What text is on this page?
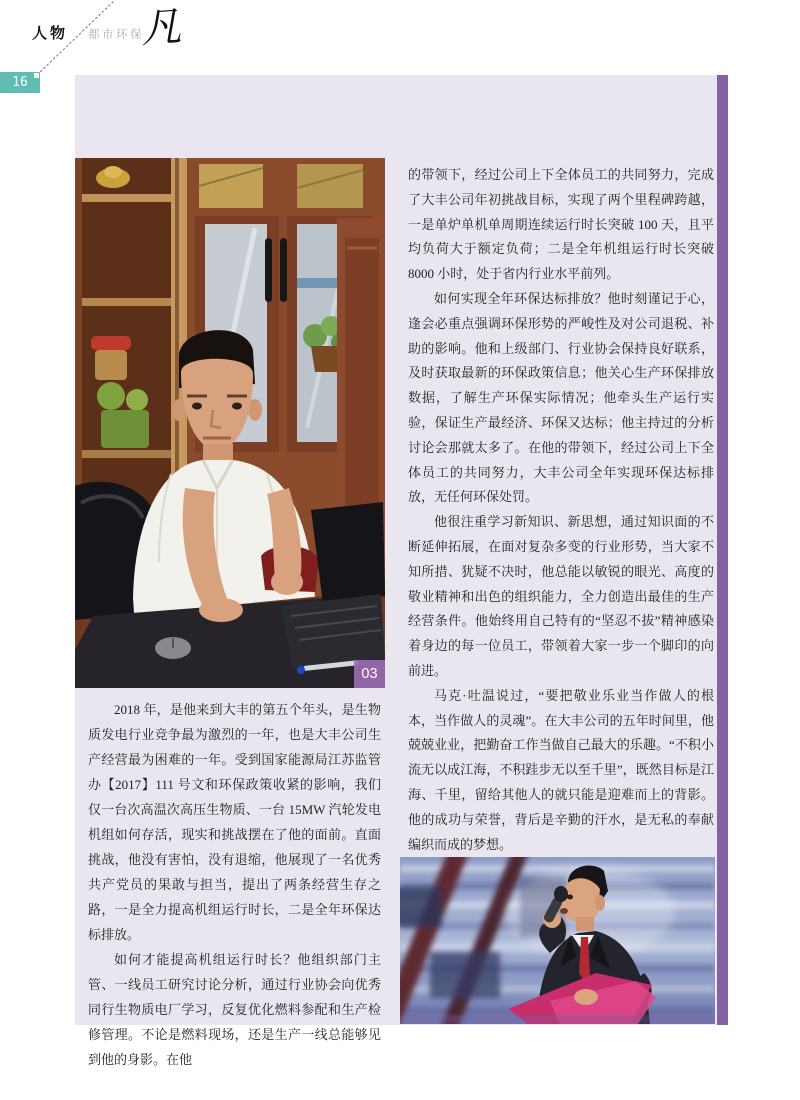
人物 都市环保
凡
16
03

2018 年，是他来到大丰的第五个年头，是生物质发电行业竞争最为激烈的一年，也是大丰公司生产经营最为困难的一年。受到国家能源局江苏监管办【2017】111 号文和环保政策收紧的影响，我们仅一台次高温次高压生物质、一台 15MW 汽轮发电机组如何存活，现实和挑战摆在了他的面前。直面挑战，他没有害怕，没有退缩，他展现了一名优秀共产党员的果敢与担当，提出了两条经营生存之路，一是全力提高机组运行时长，二是全年环保达标排放。

如何才能提高机组运行时长？他组织部门主管、一线员工研究讨论分析，通过行业协会向优秀同行生物质电厂学习，反复优化燃料参配和生产检修管理。不论是燃料现场，还是生产一线总能够见到他的身影。在他

的带领下，经过公司上下全体员工的共同努力，完成了大丰公司年初挑战目标，实现了两个里程碑跨越，一是单炉单机单周期连续运行时长突破 100 天，且平均负荷大于额定负荷；二是全年机组运行时长突破 8000 小时，处于省内行业水平前列。

如何实现全年环保达标排放？他时刻谨记于心，逢会必重点强调环保形势的严峻性及对公司退税、补助的影响。他和上级部门、行业协会保持良好联系，及时获取最新的环保政策信息；他关心生产环保排放数据，了解生产环保实际情况；他牵头生产运行实验，保证生产最经济、环保又达标；他主持过的分析讨论会那就太多了。在他的带领下，经过公司上下全体员工的共同努力，大丰公司全年实现环保达标排放，无任何环保处罚。

他很注重学习新知识、新思想，通过知识面的不断延伸拓展，在面对复杂多变的行业形势，当大家不知所措、犹疑不决时，他总能以敏锐的眼光、高度的敬业精神和出色的组织能力，全力创造出最佳的生产经营条件。他始终用自己特有的“坚忍不拔”精神感染着身边的每一位员工，带领着大家一步一个脚印的向前进。

马克·吐温说过，“要把敬业乐业当作做人的根本，当作做人的灵魂”。在大丰公司的五年时间里，他兢兢业业，把勤奋工作当做自己最大的乐趣。“不积小流无以成江海，不积跬步无以至千里”，既然目标是江海、千里，留给其他人的就只能是迎难而上的背影。他的成功与荣誉，背后是辛勤的汗水，是无私的奉献编织而成的梦想。
